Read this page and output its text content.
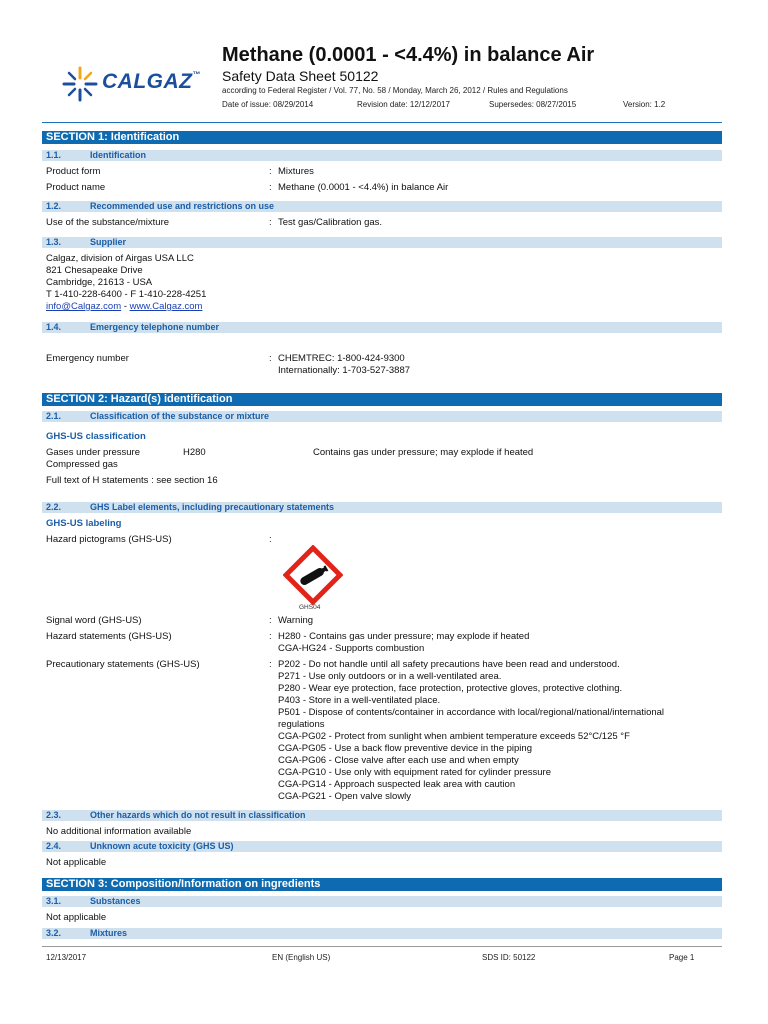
CALGAZ™
Methane (0.0001 - <4.4%) in balance Air
Safety Data Sheet 50122
according to Federal Register / Vol. 77, No. 58 / Monday, March 26, 2012 / Rules and Regulations
Date of issue: 08/29/2014	Revision date: 12/12/2017	Supersedes: 08/27/2015	Version: 1.2
SECTION 1: Identification
1.1.	Identification
Product form	: Mixtures
Product name	: Methane (0.0001 - <4.4%) in balance Air
1.2.	Recommended use and restrictions on use
Use of the substance/mixture	: Test gas/Calibration gas.
1.3.	Supplier
Calgaz, division of Airgas USA LLC
821 Chesapeake Drive
Cambridge, 21613 - USA
T 1-410-228-6400 - F 1-410-228-4251
info@Calgaz.com - www.Calgaz.com
1.4.	Emergency telephone number
Emergency number	: CHEMTREC: 1-800-424-9300
Internationally: 1-703-527-3887
SECTION 2: Hazard(s) identification
2.1.	Classification of the substance or mixture
GHS-US classification
Gases under pressure	H280	Contains gas under pressure; may explode if heated
Compressed gas
Full text of H statements : see section 16
2.2.	GHS Label elements, including precautionary statements
GHS-US labeling
Hazard pictograms (GHS-US)	:
GHS04
Signal word (GHS-US)	: Warning
Hazard statements (GHS-US)	: H280 - Contains gas under pressure; may explode if heated
CGA-HG24 - Supports combustion
Precautionary statements (GHS-US)	: P202 - Do not handle until all safety precautions have been read and understood.
P271 - Use only outdoors or in a well-ventilated area.
P280 - Wear eye protection, face protection, protective gloves, protective clothing.
P403 - Store in a well-ventilated place.
P501 - Dispose of contents/container in accordance with local/regional/national/international
regulations
CGA-PG02 - Protect from sunlight when ambient temperature exceeds 52°C/125 °F
CGA-PG05 - Use a back flow preventive device in the piping
CGA-PG06 - Close valve after each use and when empty
CGA-PG10 - Use only with equipment rated for cylinder pressure
CGA-PG14 - Approach suspected leak area with caution
CGA-PG21 - Open valve slowly
2.3.	Other hazards which do not result in classification
No additional information available
2.4.	Unknown acute toxicity (GHS US)
Not applicable
SECTION 3: Composition/Information on ingredients
3.1.	Substances
Not applicable
3.2.	Mixtures
12/13/2017	EN (English US)	SDS ID: 50122	Page 1
